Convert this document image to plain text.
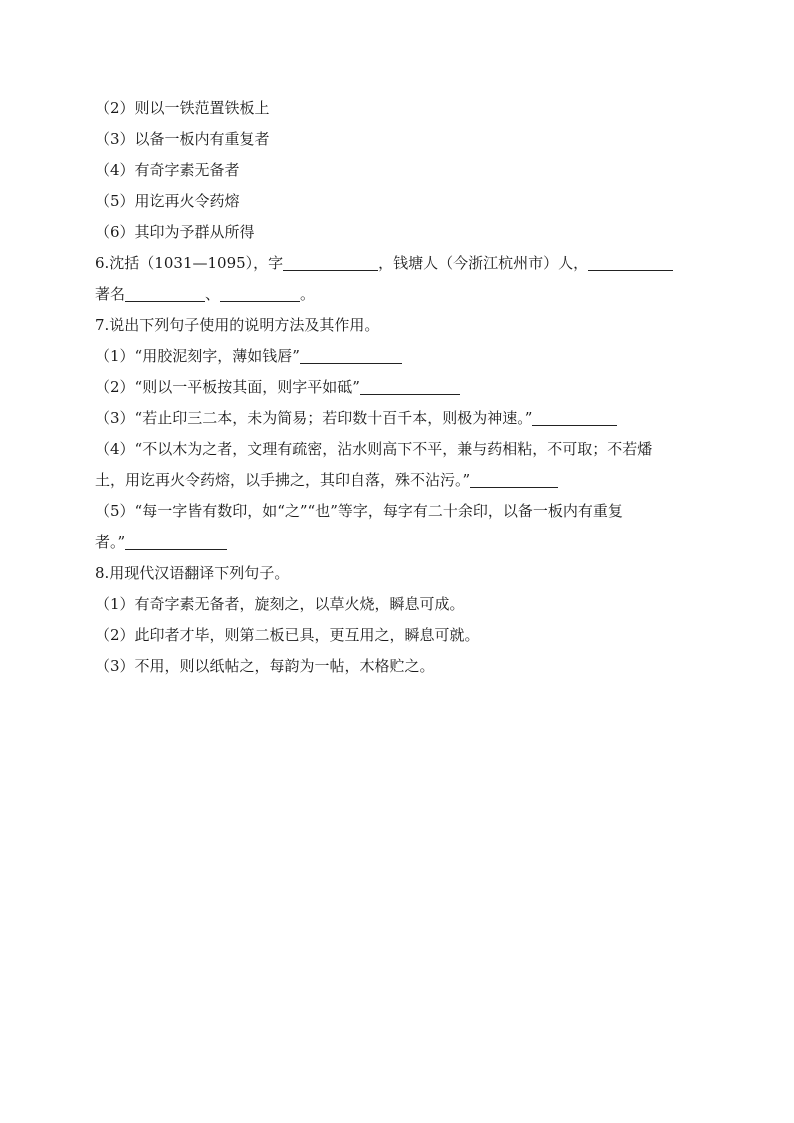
（2）则以一铁范置铁板上
（3）以备一板内有重复者
（4）有奇字素无备者
（5）用讫再火令药熔
（6）其印为予群从所得
6.沈括（1031—1095），字	，钱塘人（今浙江杭州市）人，
著名	、	。
7.说出下列句子使用的说明方法及其作用。
（1）“用胶泥刻字，薄如钱唇”
（2）“则以一平板按其面，则字平如砥”
（3）“若止印三二本，未为简易；若印数十百千本，则极为神速。”
（4）“不以木为之者，文理有疏密，沾水则高下不平，兼与药相粘，不可取；不若燔
土，用讫再火令药熔，以手拂之，其印自落，殊不沾污。”
（5）“每一字皆有数印，如“之”“也”等字，每字有二十余印，以备一板内有重复
者。”
8.用现代汉语翻译下列句子。
（1）有奇字素无备者，旋刻之，以草火烧，瞬息可成。
（2）此印者才毕，则第二板已具，更互用之，瞬息可就。
（3）不用，则以纸帖之，每韵为一帖，木格贮之。
